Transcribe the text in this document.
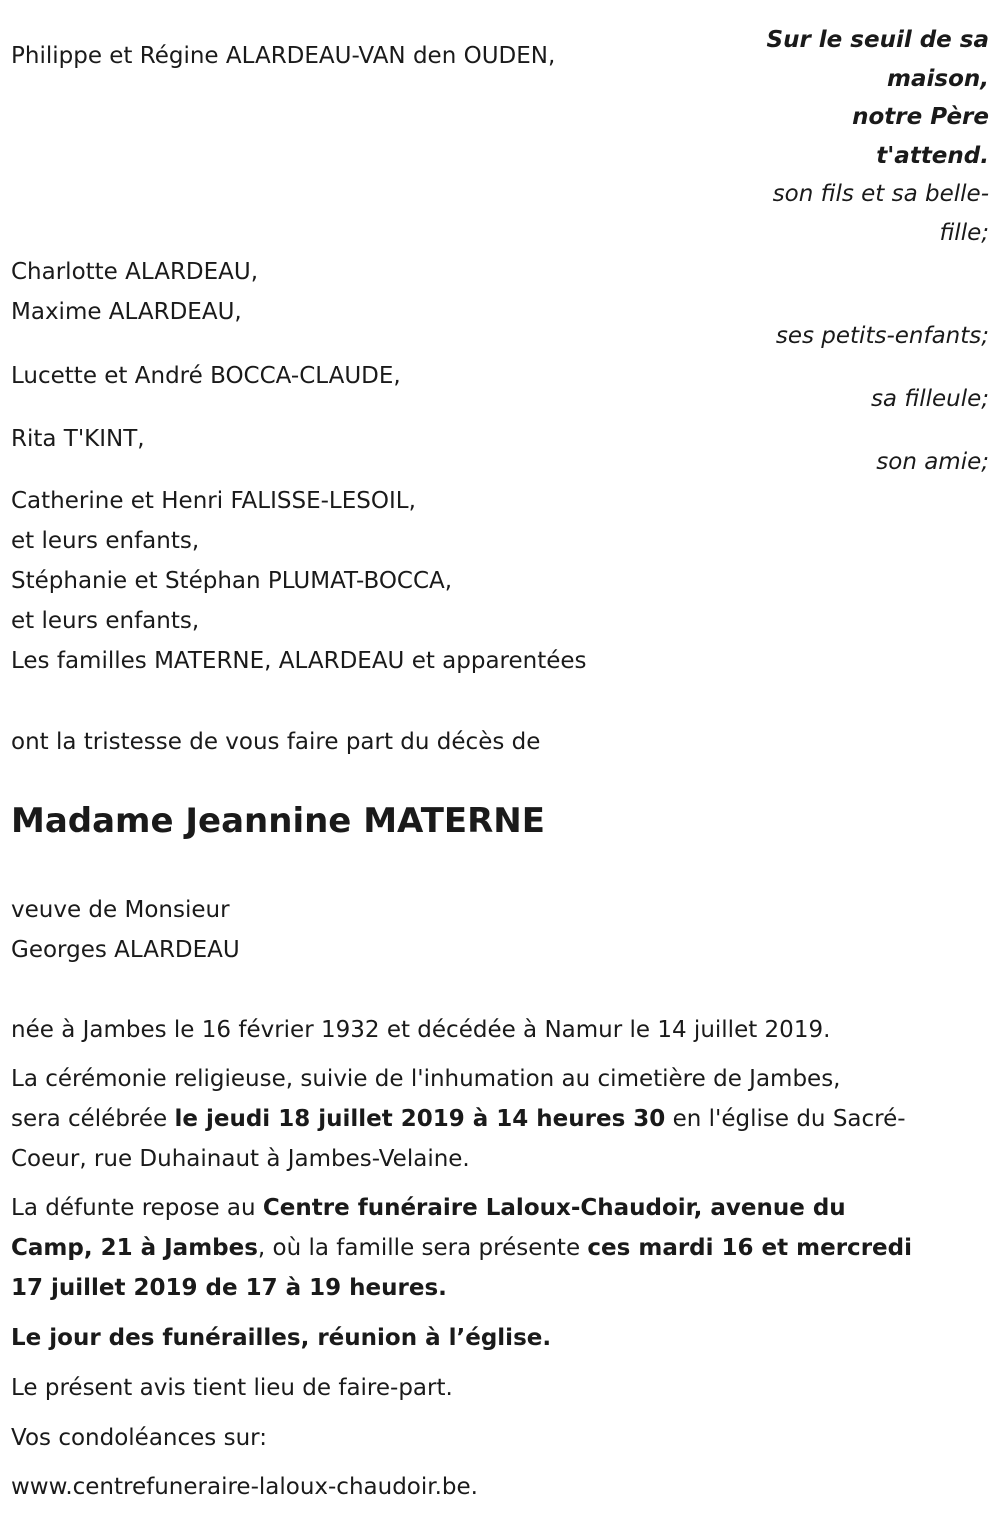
Sur le seuil de sa
maison,
notre Père
t'attend.
son fils et sa belle-
fille;
ses petits-enfants;
sa filleule;
son amie;
Philippe et Régine ALARDEAU-VAN den OUDEN,
Charlotte ALARDEAU,
Maxime ALARDEAU,
Lucette et André BOCCA-CLAUDE,
Rita T'KINT,
Catherine et Henri FALISSE-LESOIL,
et leurs enfants,
Stéphanie et Stéphan PLUMAT-BOCCA,
et leurs enfants,
Les familles MATERNE, ALARDEAU et apparentées
ont la tristesse de vous faire part du décès de
Madame Jeannine MATERNE
veuve de Monsieur
Georges ALARDEAU
née à Jambes le 16 février 1932 et décédée à Namur le 14 juillet 2019.
La cérémonie religieuse, suivie de l'inhumation au cimetière de Jambes,
sera célébrée le jeudi 18 juillet 2019 à 14 heures 30 en l'église du Sacré-
Coeur, rue Duhainaut à Jambes-Velaine.
La défunte repose au Centre funéraire Laloux-Chaudoir, avenue du
Camp, 21 à Jambes, où la famille sera présente ces mardi 16 et mercredi
17 juillet 2019 de 17 à 19 heures.
Le jour des funérailles, réunion à l’église.
Le présent avis tient lieu de faire-part.
Vos condoléances sur:
www.centrefuneraire-laloux-chaudoir.be.
